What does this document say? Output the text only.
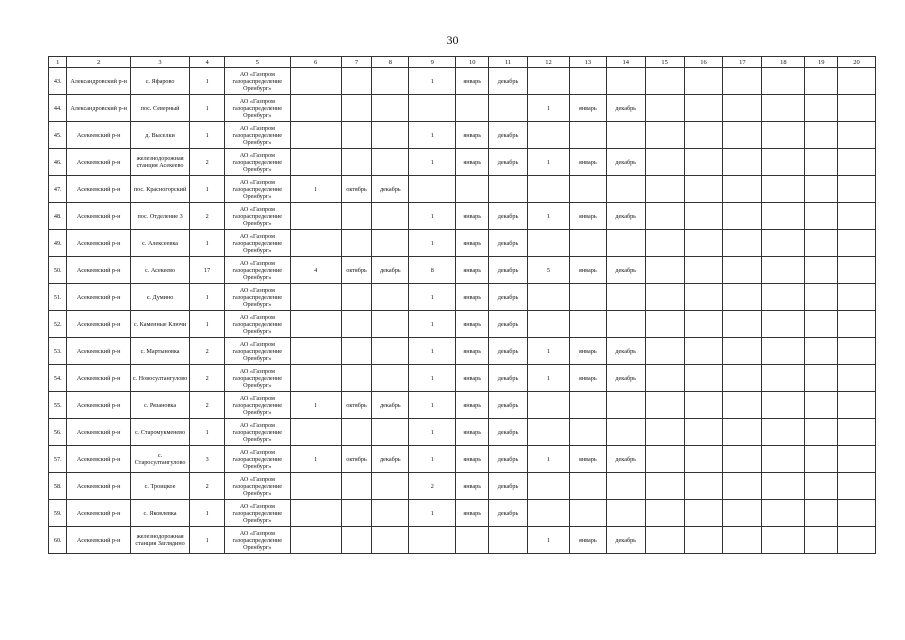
30
1	2	3	4	5	6	7	8	9	10	11	12	13	14	15	16	17	18	19	20
43.	Александровский р-н	с. Яфарово	1	АО «Газпром газораспределение Оренбург»				1	январь	декабрь									
44.	Александровский р-н	пос. Северный	1	АО «Газпром газораспределение Оренбург»							1	январь	декабрь						
45.	Асекеевский р-н	д. Выселки	1	АО «Газпром газораспределение Оренбург»				1	январь	декабрь									
46.	Асекеевский р-н	железнодорожная станция Асекеево	2	АО «Газпром газораспределение Оренбург»				1	январь	декабрь	1	январь	декабрь						
47.	Асекеевский р-н	пос. Красногорский	1	АО «Газпром газораспределение Оренбург»	1	октябрь	декабрь												
48.	Асекеевский р-н	пос. Отделение 3	2	АО «Газпром газораспределение Оренбург»				1	январь	декабрь	1	январь	декабрь						
49.	Асекеевский р-н	с. Алексеевка	1	АО «Газпром газораспределение Оренбург»				1	январь	декабрь									
50.	Асекеевский р-н	с. Асекеево	17	АО «Газпром газораспределение Оренбург»	4	октябрь	декабрь	8	январь	декабрь	5	январь	декабрь						
51.	Асекеевский р-н	с. Думино	1	АО «Газпром газораспределение Оренбург»				1	январь	декабрь									
52.	Асекеевский р-н	с. Каменные Ключи	1	АО «Газпром газораспределение Оренбург»				1	январь	декабрь									
53.	Асекеевский р-н	с. Мартыновка	2	АО «Газпром газораспределение Оренбург»				1	январь	декабрь	1	январь	декабрь						
54.	Асекеевский р-н	с. Новосултангулово	2	АО «Газпром газораспределение Оренбург»				1	январь	декабрь	1	январь	декабрь						
55.	Асекеевский р-н	с. Рязановка	2	АО «Газпром газораспределение Оренбург»	1	октябрь	декабрь	1	январь	декабрь									
56.	Асекеевский р-н	с. Старомукменево	1	АО «Газпром газораспределение Оренбург»				1	январь	декабрь									
57.	Асекеевский р-н	с. Старосултангулово	3	АО «Газпром газораспределение Оренбург»	1	октябрь	декабрь	1	январь	декабрь	1	январь	декабрь						
58.	Асекеевский р-н	с. Троицкое	2	АО «Газпром газораспределение Оренбург»				2	январь	декабрь									
59.	Асекеевский р-н	с. Яковлевка	1	АО «Газпром газораспределение Оренбург»				1	январь	декабрь									
60.	Асекеевский р-н	железнодорожная станция Заглядино	1	АО «Газпром газораспределение Оренбург»							1	январь	декабрь						
